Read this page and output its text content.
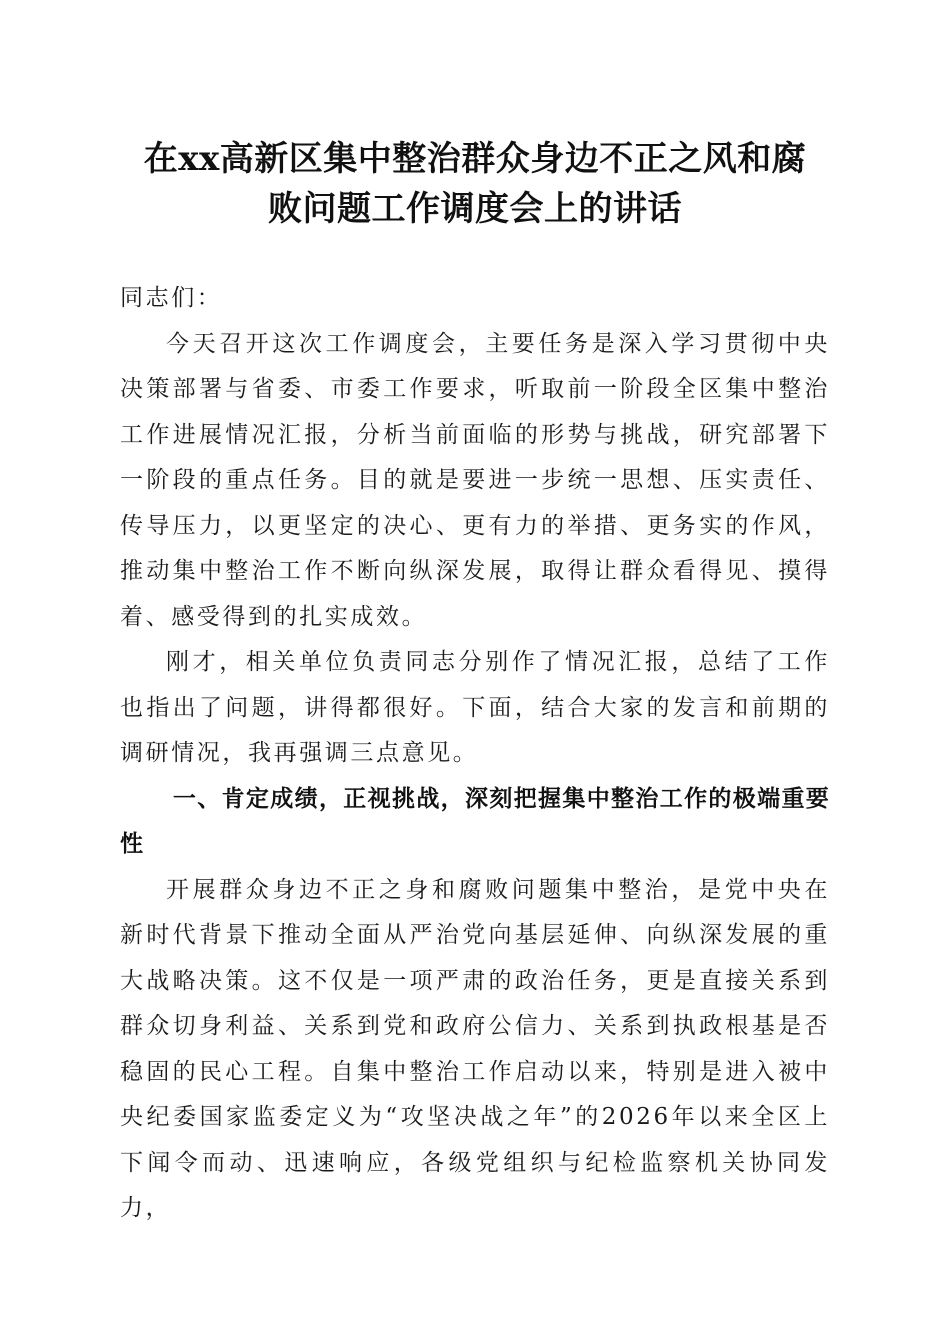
在xx高新区集中整治群众身边不正之风和腐
败问题工作调度会上的讲话

同志们：

今天召开这次工作调度会，主要任务是深入学习贯彻中央决策部署与省委、市委工作要求，听取前一阶段全区集中整治工作进展情况汇报，分析当前面临的形势与挑战，研究部署下一阶段的重点任务。目的就是要进一步统一思想、压实责任、传导压力，以更坚定的决心、更有力的举措、更务实的作风，推动集中整治工作不断向纵深发展，取得让群众看得见、摸得着、感受得到的扎实成效。

刚才，相关单位负责同志分别作了情况汇报，总结了工作也指出了问题，讲得都很好。下面，结合大家的发言和前期的调研情况，我再强调三点意见。

一、肯定成绩，正视挑战，深刻把握集中整治工作的极端重要性

开展群众身边不正之身和腐败问题集中整治，是党中央在新时代背景下推动全面从严治党向基层延伸、向纵深发展的重大战略决策。这不仅是一项严肃的政治任务，更是直接关系到群众切身利益、关系到党和政府公信力、关系到执政根基是否稳固的民心工程。自集中整治工作启动以来，特别是进入被中央纪委国家监委定义为“攻坚决战之年”的2026年以来全区上下闻令而动、迅速响应，各级党组织与纪检监察机关协同发力，
